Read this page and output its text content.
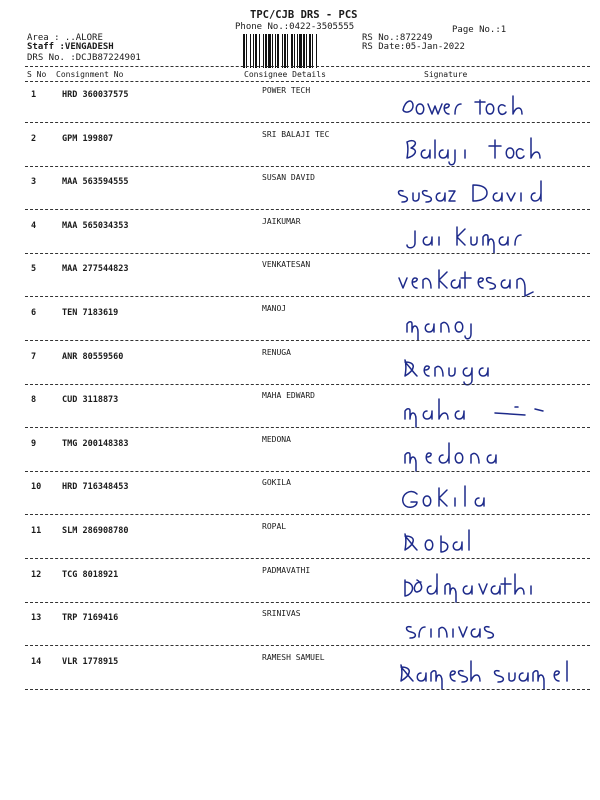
TPC/CJB DRS - PCS
Phone No.:0422-3505555	Page No.:1
Area : ..ALORE
Staff :VENGADESH
DRS No. :DCJB87224901
RS No.:872249
RS Date:05-Jan-2022
S No Consignment No	Consignee Details	Signature
1	HRD 360037575	POWER TECH
2	GPM 199807	SRI BALAJI TEC
3	MAA 563594555	SUSAN DAVID
4	MAA 565034353	JAIKUMAR
5	MAA 277544823	VENKATESAN
6	TEN 7183619	MANOJ
7	ANR 80559560	RENUGA
8	CUD 3118873	MAHA EDWARD
9	TMG 200148383	MEDONA
10 HRD 716348453	GOKILA
11 SLM 286908780	ROPAL
12 TCG 8018921	PADMAVATHI
13 TRP 7169416	SRINIVAS
14 VLR 1778915	RAMESH SAMUEL
